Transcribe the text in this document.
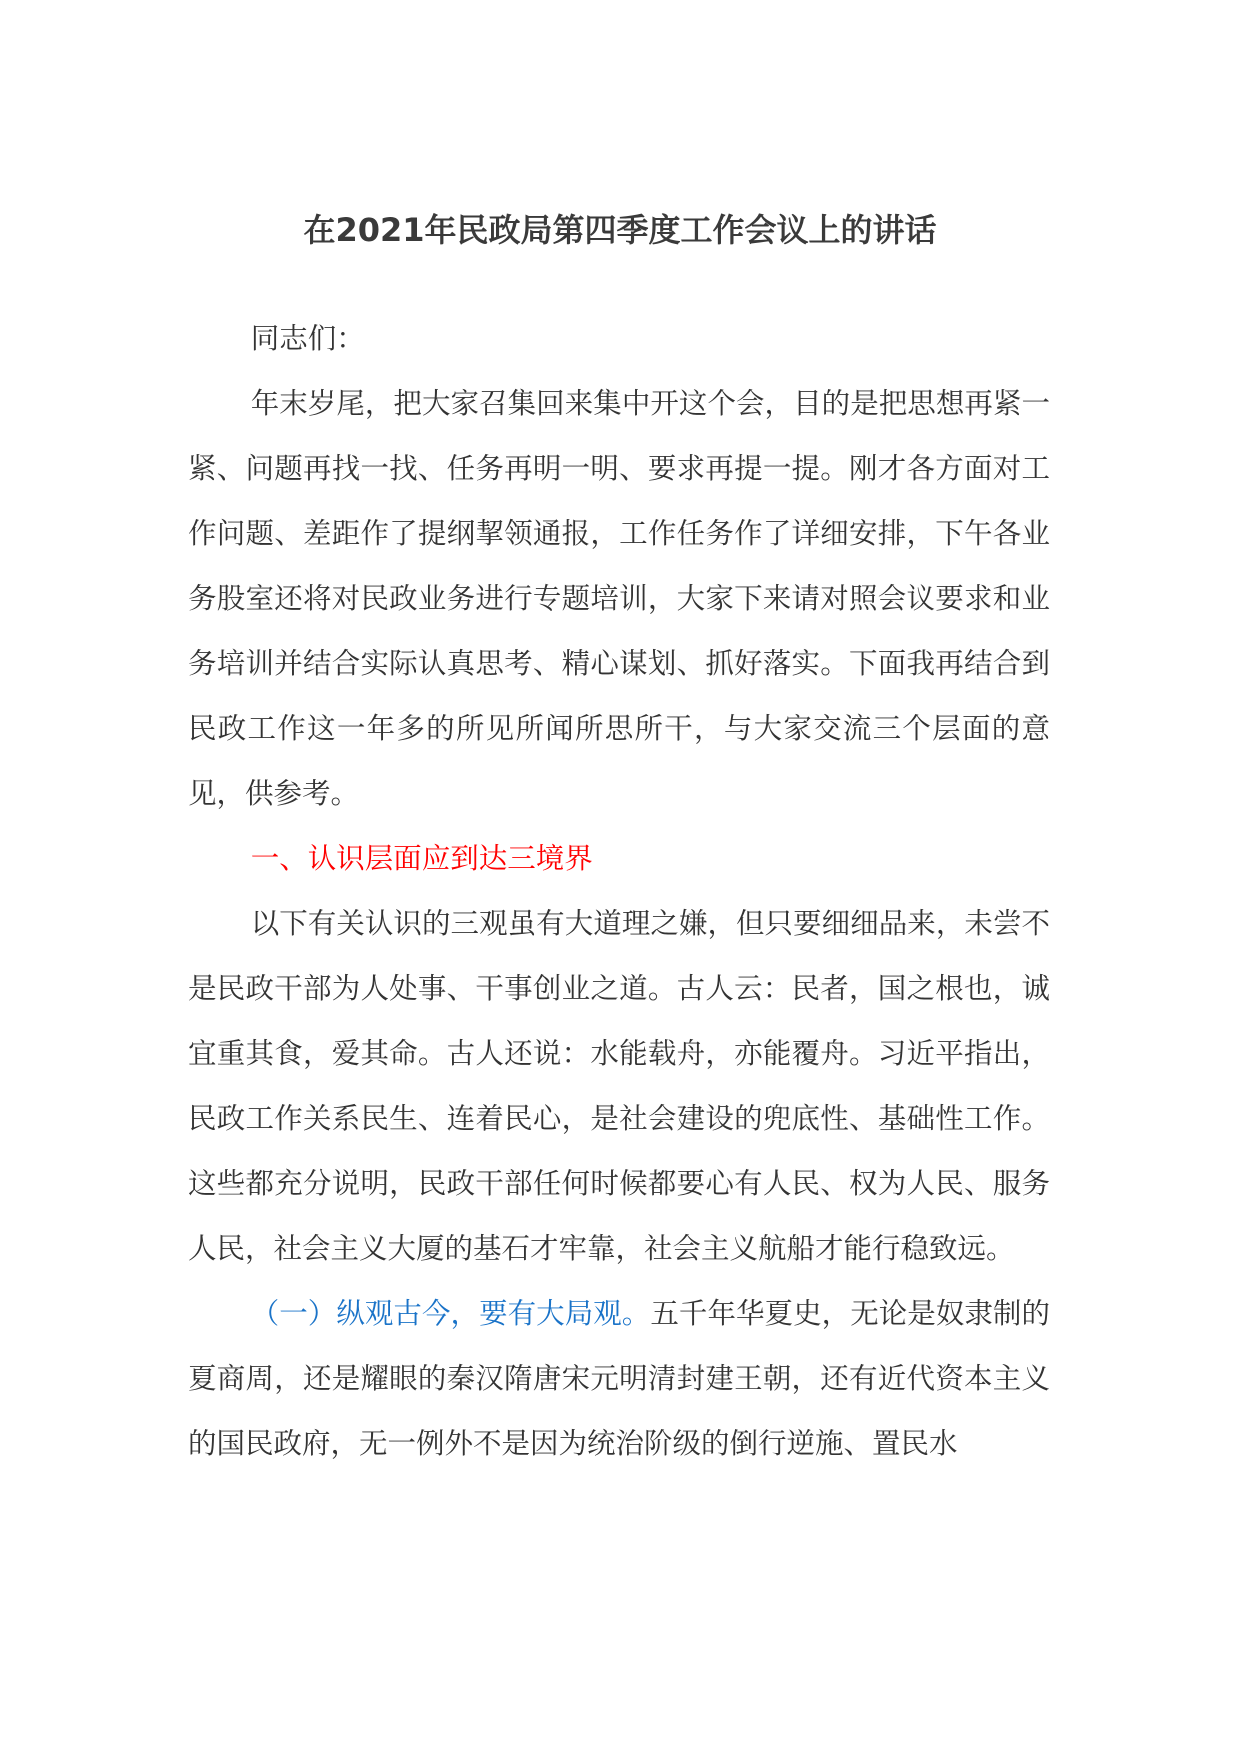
在2021年民政局第四季度工作会议上的讲话

同志们：

年末岁尾，把大家召集回来集中开这个会，目的是把思想再紧一紧、问题再找一找、任务再明一明、要求再提一提。刚才各方面对工作问题、差距作了提纲挈领通报，工作任务作了详细安排，下午各业务股室还将对民政业务进行专题培训，大家下来请对照会议要求和业务培训并结合实际认真思考、精心谋划、抓好落实。下面我再结合到民政工作这一年多的所见所闻所思所干，与大家交流三个层面的意见，供参考。

一、认识层面应到达三境界

以下有关认识的三观虽有大道理之嫌，但只要细细品来，未尝不是民政干部为人处事、干事创业之道。古人云：民者，国之根也，诚宜重其食，爱其命。古人还说：水能载舟，亦能覆舟。习近平指出，民政工作关系民生、连着民心，是社会建设的兜底性、基础性工作。这些都充分说明，民政干部任何时候都要心有人民、权为人民、服务人民，社会主义大厦的基石才牢靠，社会主义航船才能行稳致远。

（一）纵观古今，要有大局观。五千年华夏史，无论是奴隶制的夏商周，还是耀眼的秦汉隋唐宋元明清封建王朝，还有近代资本主义的国民政府，无一例外不是因为统治阶级的倒行逆施、置民水
